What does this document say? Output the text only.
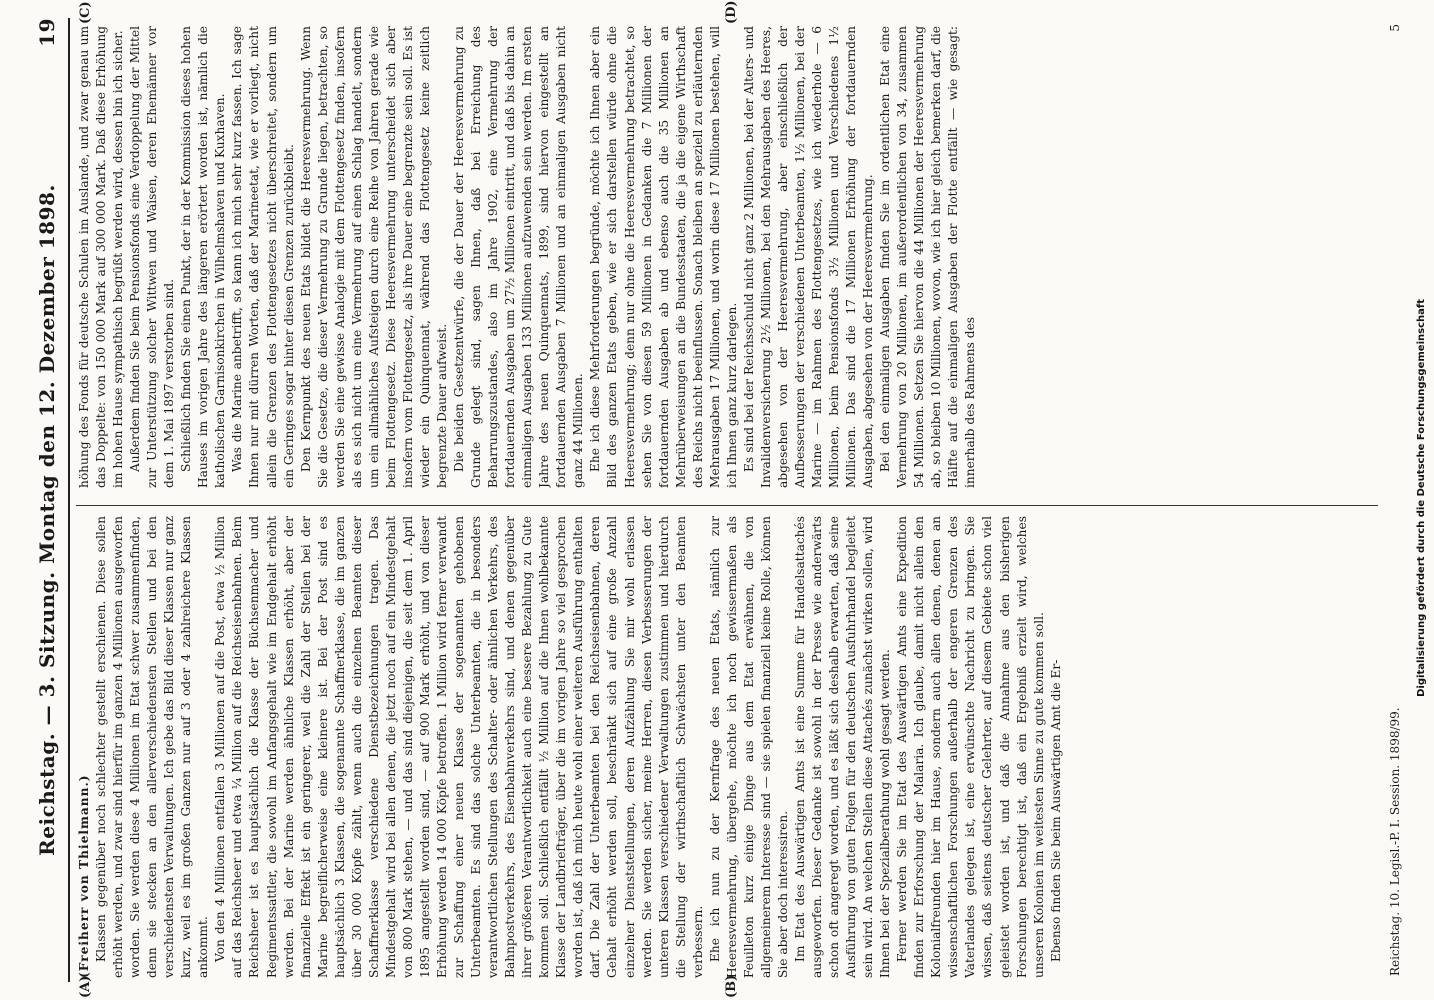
Reichstag. — 3. Sitzung. Montag den 12. Dezember 1898.
19
(A)	(B)
(C)	(D)

(Freiherr von Thielmann.) Klassen gegenüber noch schlechter gestellt erschienen. Diese sollen erhöht werden, und zwar sind hierfür im ganzen 4 Millionen ausgeworfen worden. Sie werden diese 4 Millionen im Etat schwer zusammenfinden, denn sie stecken an den allerverschiedensten Stellen und bei den verschiedensten Verwaltungen. Ich gebe das Bild dieser Klassen nur ganz kurz, weil es im großen Ganzen nur auf 3 oder 4 zahlreichere Klassen ankommt. Von den 4 Millionen entfallen 3 Millionen auf die Post, etwa ½ Million auf das Reichsheer und etwa ¼ Million auf die Reichseisenbahnen. Beim Reichsheer ist es hauptsächlich die Klasse der Büchsenmacher und Regimentssattler, die sowohl im Anfangsgehalt wie im Endgehalt erhöht werden. Bei der Marine werden ähnliche Klassen erhöht, aber der finanzielle Effekt ist ein geringerer, weil die Zahl der Stellen bei der Marine begreiflicherweise eine kleinere ist. Bei der Post sind es hauptsächlich 3 Klassen, die sogenannte Schaffnerklasse, die im ganzen über 30 000 Köpfe zählt, wenn auch die einzelnen Beamten dieser Schaffnerklasse verschiedene Dienstbezeichnungen tragen. Das Mindestgehalt wird bei allen denen, die jetzt noch auf ein Mindestgehalt von 800 Mark stehen, — und das sind diejenigen, die seit dem 1. April 1895 angestellt worden sind, — auf 900 Mark erhöht, und von dieser Erhöhung werden 14 000 Köpfe betroffen. 1 Million wird ferner verwandt zur Schaffung einer neuen Klasse der sogenannten gehobenen Unterbeamten. Es sind das solche Unterbeamten, die in besonders verantwortlichen Stellungen des Schalter- oder ähnlichen Verkehrs, des Bahnpostverkehrs, des Eisenbahnverkehrs sind, und denen gegenüber ihrer größeren Verantwortlichkeit auch eine bessere Bezahlung zu Gute kommen soll. Schließlich entfällt ½ Million auf die Ihnen wohlbekannte Klasse der Landbriefträger, über die im vorigen Jahre so viel gesprochen worden ist, daß ich mich heute wohl einer weiteren Ausführung enthalten darf. Die Zahl der Unterbeamten bei den Reichseisenbahnen, deren Gehalt erhöht werden soll, beschränkt sich auf eine große Anzahl einzelner Dienststellungen, deren Aufzählung Sie mir wohl erlassen werden. Sie werden sicher, meine Herren, diesen Verbesserungen der unteren Klassen verschiedener Verwaltungen zustimmen und hierdurch die Stellung der wirthschaftlich Schwächsten unter den Beamten verbessern. Ehe ich nun zu der Kernfrage des neuen Etats, nämlich zur Heeresvermehrung, übergehe, möchte ich noch gewissermaßen als Feuilleton kurz einige Dinge aus dem Etat erwähnen, die von allgemeinerem Interesse sind — sie spielen finanziell keine Rolle, können Sie aber doch interessiren. Im Etat des Auswärtigen Amts ist eine Summe für Handelsattachés ausgeworfen. Dieser Gedanke ist sowohl in der Presse wie anderwärts schon oft angeregt worden, und es läßt sich deshalb erwarten, daß seine Ausführung von guten Folgen für den deutschen Ausfuhrhandel begleitet sein wird. An welchen Stellen diese Attachés zunächst wirken sollen, wird Ihnen bei der Spezialberathung wohl gesagt werden. Ferner werden Sie im Etat des Auswärtigen Amts eine Expedition finden zur Erforschung der Malaria. Ich glaube, damit nicht allein den Kolonialfreunden hier im Hause, sondern auch allen denen, denen an wissenschaftlichen Forschungen außerhalb der engeren Grenzen des Vaterlandes gelegen ist, eine erwünschte Nachricht zu bringen. Sie wissen, daß seitens deutscher Gelehrter, auf diesem Gebiete schon viel geleistet worden ist, und daß die Annahme aus den bisherigen Forschungen berechtigt ist, daß ein Ergebniß erzielt wird, welches unseren Kolonien im weitesten Sinne zu gute kommen soll. Ebenso finden Sie beim Auswärtigen Amt die Er-

höhung des Fonds für deutsche Schulen im Auslande, und zwar genau um das Doppelte: von 150 000 Mark auf 300 000 Mark. Daß diese Erhöhung im hohen Hause sympathisch begrüßt werden wird, dessen bin ich sicher. Außerdem finden Sie beim Pensionsfonds eine Verdoppelung der Mittel zur Unterstützung solcher Wittwen und Waisen, deren Ehemänner vor dem 1. Mai 1897 verstorben sind. Schließlich finden Sie einen Punkt, der in der Kommission dieses hohen Hauses im vorigen Jahre des längeren erörtert worden ist, nämlich die katholischen Garnisonkirchen in Wilhelmshaven und Kuxhaven. Was die Marine anbetrifft, so kann ich mich sehr kurz fassen. Ich sage Ihnen nur mit dürren Worten, daß der Marineetat, wie er vorliegt, nicht allein die Grenzen des Flottengesetzes nicht überschreitet, sondern um ein Geringes sogar hinter diesen Grenzen zurückbleibt. Den Kernpunkt des neuen Etats bildet die Heeresvermehrung. Wenn Sie die Gesetze, die dieser Vermehrung zu Grunde liegen, betrachten, so werden Sie eine gewisse Analogie mit dem Flottengesetz finden, insofern als es sich nicht um eine Vermehrung auf einen Schlag handelt, sondern um ein allmähliches Aufsteigen durch eine Reihe von Jahren gerade wie beim Flottengesetz. Diese Heeresvermehrung unterscheidet sich aber insofern vom Flottengesetz, als ihre Dauer eine begrenzte sein soll. Es ist wieder ein Quinquennat, während das Flottengesetz keine zeitlich begrenzte Dauer aufweist. Die beiden Gesetzentwürfe, die der Dauer der Heeresvermehrung zu Grunde gelegt sind, sagen Ihnen, daß bei Erreichung des Beharrungszustandes, also im Jahre 1902, eine Vermehrung der fortdauernden Ausgaben um 27½ Millionen eintritt, und daß bis dahin an einmaligen Ausgaben 133 Millionen aufzuwenden sein werden. Im ersten Jahre des neuen Quinquennats, 1899, sind hiervon eingestellt an fortdauernden Ausgaben 7 Millionen und an einmaligen Ausgaben nicht ganz 44 Millionen. Ehe ich diese Mehrforderungen begründe, möchte ich Ihnen aber ein Bild des ganzen Etats geben, wie er sich darstellen würde ohne die Heeresvermehrung; denn nur ohne die Heeresvermehrung betrachtet, so sehen Sie von diesen 59 Millionen in Gedanken die 7 Millionen der fortdauernden Ausgaben ab und ebenso auch die 35 Millionen an Mehrüberweisungen an die Bundesstaaten, die ja die eigene Wirthschaft des Reichs nicht beeinflussen. Sonach bleiben an speziell zu erläuternden Mehrausgaben 17 Millionen, und worin diese 17 Millionen bestehen, will ich Ihnen ganz kurz darlegen. Es sind bei der Reichsschuld nicht ganz 2 Millionen, bei der Alters- und Invalidenversicherung 2½ Millionen, bei den Mehrausgaben des Heeres, abgesehen von der Heeresvermehrung, aber einschließlich der Aufbesserungen der verschiedenen Unterbeamten, 1½ Millionen, bei der Marine — im Rahmen des Flottengesetzes, wie ich wiederhole — 6 Millionen, beim Pensionsfonds 3½ Millionen und Verschiedenes 1½ Millionen. Das sind die 17 Millionen Erhöhung der fortdauernden Ausgaben, abgesehen von der Heeresvermehrung. Bei den einmaligen Ausgaben finden Sie im ordentlichen Etat eine Vermehrung von 20 Millionen, im außerordentlichen von 34, zusammen 54 Millionen. Setzen Sie hiervon die 44 Millionen der Heeresvermehrung ab, so bleiben 10 Millionen, wovon, wie ich hier gleich bemerken darf, die Hälfte auf die einmaligen Ausgaben der Flotte entfällt — wie gesagt: innerhalb des Rahmens des

Reichstag. 10. Legisl.-P. I. Session. 1898/99.
5
Digitalisierung gefördert durch die Deutsche Forschungsgemeinschaft
